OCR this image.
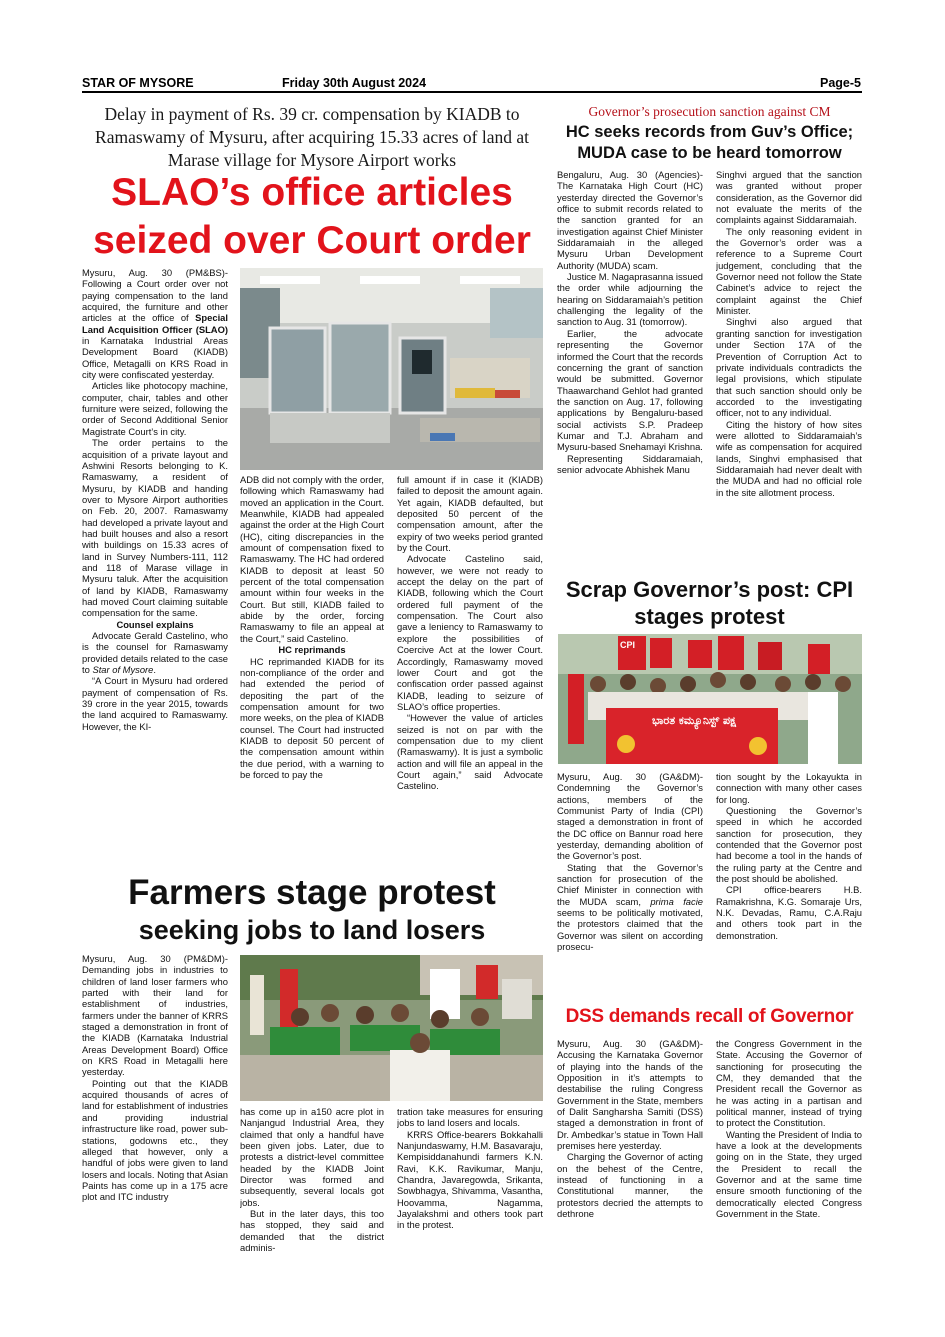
STAR OF MYSORE	Friday 30th August 2024	Page-5
Delay in payment of Rs. 39 cr. compensation by KIADB to Ramaswamy of Mysuru, after acquiring 15.33 acres of land at Marase village for Mysore Airport works
SLAO’s office articles
seized over Court order

Mysuru, Aug. 30 (PM&BS)- Following a Court order over not paying compensation to the land acquired, the furniture and other articles at the office of Special Land Acquisition Officer (SLAO) in Karnataka Industrial Areas Development Board (KIADB) Office, Metagalli on KRS Road in city were confiscated yesterday.

Articles like photocopy machine, computer, chair, tables and other furniture were seized, following the order of Second Additional Senior Magistrate Court’s in city.

The order pertains to the acquisition of a private layout and Ashwini Resorts belonging to K. Ramaswamy, a resident of Mysuru, by KIADB and handing over to Mysore Airport authorities on Feb. 20, 2007. Ramaswamy had developed a private layout and had built houses and also a resort with buildings on 15.33 acres of land in Survey Numbers-111, 112 and 118 of Marase village in Mysuru taluk. After the acquisition of land by KIADB, Ramaswamy had moved Court claiming suitable compensation for the same.

Counsel explains

Advocate Gerald Castelino, who is the counsel for Ramaswamy provided details related to the case to Star of Mysore.

“A Court in Mysuru had ordered payment of compensation of Rs. 39 crore in the year 2015, towards the land acquired to Ramaswamy. However, the KI-

ADB did not comply with the order, following which Ramaswamy had moved an application in the Court. Meanwhile, KIADB had appealed against the order at the High Court (HC), citing discrepancies in the amount of compensation fixed to Ramaswamy. The HC had ordered KIADB to deposit at least 50 percent of the total compensation amount within four weeks in the Court. But still, KIADB failed to abide by the order, forcing Ramaswamy to file an appeal at the Court,” said Castelino.

HC reprimands

HC reprimanded KIADB for its non-compliance of the order and had extended the period of depositing the part of the compensation amount for two more weeks, on the plea of KIADB counsel. The Court had instructed KIADB to deposit 50 percent of the compensation amount within the due period, with a warning to be forced to pay the

full amount if in case it (KIADB) failed to deposit the amount again. Yet again, KIADB defaulted, but deposited 50 percent of the compensation amount, after the expiry of two weeks period granted by the Court.

Advocate Castelino said, however, we were not ready to accept the delay on the part of KIADB, following which the Court ordered full payment of the compensation. The Court also gave a leniency to Ramaswamy to explore the possibilities of Coercive Act at the lower Court. Accordingly, Ramaswamy moved lower Court and got the confiscation order passed against KIADB, leading to seizure of SLAO’s office properties.

“However the value of articles seized is not on par with the compensation due to my client (Ramaswamy). It is just a symbolic action and will file an appeal in the Court again,” said Advocate Castelino.

Governor’s prosecution sanction against CM
HC seeks records from Guv’s Office; MUDA case to be heard tomorrow

Bengaluru, Aug. 30 (Agencies)- The Karnataka High Court (HC) yesterday directed the Governor’s office to submit records related to the sanction granted for an investigation against Chief Minister Siddaramaiah in the alleged Mysuru Urban Development Authority (MUDA) scam.

Justice M. Nagaprasanna issued the order while adjourning the hearing on Siddaramaiah’s petition challenging the legality of the sanction to Aug. 31 (tomorrow).

Earlier, the advocate representing the Governor informed the Court that the records concerning the grant of sanction would be submitted. Governor Thaawarchand Gehlot had granted the sanction on Aug. 17, following applications by Bengaluru-based social activists S.P. Pradeep Kumar and T.J. Abraham and Mysuru-based Snehamayi Krishna.

Representing Siddaramaiah, senior advocate Abhishek Manu

Singhvi argued that the sanction was granted without proper consideration, as the Governor did not evaluate the merits of the complaints against Siddaramaiah.

The only reasoning evident in the Governor’s order was a reference to a Supreme Court judgement, concluding that the Governor need not follow the State Cabinet’s advice to reject the complaint against the Chief Minister.

Singhvi also argued that granting sanction for investigation under Section 17A of the Prevention of Corruption Act to private individuals contradicts the legal provisions, which stipulate that such sanction should only be accorded to the investigating officer, not to any individual.

Citing the history of how sites were allotted to Siddaramaiah’s wife as compensation for acquired lands, Singhvi emphasised that Siddaramaiah had never dealt with the MUDA and had no official role in the site allotment process.

Scrap Governor’s post: CPI stages protest
ಭಾರತ ಕಮ್ಯೂನಿಸ್ಟ್ ಪಕ್ಷ
CPI

Mysuru, Aug. 30 (GA&DM)- Condemning the Governor’s actions, members of the Communist Party of India (CPI) staged a demonstration in front of the DC office on Bannur road here yesterday, demanding abolition of the Governor’s post.

Stating that the Governor’s sanction for prosecution of the Chief Minister in connection with the MUDA scam, prima facie seems to be politically motivated, the protestors claimed that the Governor was silent on according prosecu-

tion sought by the Lokayukta in connection with many other cases for long.

Questioning the Governor’s speed in which he accorded sanction for prosecution, they contended that the Governor post had become a tool in the hands of the ruling party at the Centre and the post should be abolished.

CPI office-bearers H.B. Ramakrishna, K.G. Somaraje Urs, N.K. Devadas, Ramu, C.A.Raju and others took part in the demonstration.

DSS demands recall of Governor

Mysuru, Aug. 30 (GA&DM)- Accusing the Karnataka Governor of playing into the hands of the Opposition in it’s attempts to destabilise the ruling Congress Government in the State, members of Dalit Sangharsha Samiti (DSS) staged a demonstration in front of Dr. Ambedkar’s statue in Town Hall premises here yesterday.

Charging the Governor of acting on the behest of the Centre, instead of functioning in a Constitutional manner, the protestors decried the attempts to dethrone

the Congress Government in the State. Accusing the Governor of sanctioning for prosecuting the CM, they demanded that the President recall the Governor as he was acting in a partisan and political manner, instead of trying to protect the Constitution.

Wanting the President of India to have a look at the developments going on in the State, they urged the President to recall the Governor and at the same time ensure smooth functioning of the democratically elected Congress Government in the State.

Farmers stage protest
seeking jobs to land losers

Mysuru, Aug. 30 (PM&DM)- Demanding jobs in industries to children of land loser farmers who parted with their land for establishment of industries, farmers under the banner of KRRS staged a demonstration in front of the KIADB (Karnataka Industrial Areas Development Board) Office on KRS Road in Metagalli here yesterday.

Pointing out that the KIADB acquired thousands of acres of land for establishment of industries and providing industrial infrastructure like road, power sub-stations, godowns etc., they alleged that however, only a handful of jobs were given to land losers and locals. Noting that Asian Paints has come up in a 175 acre plot and ITC industry

has come up in a150 acre plot in Nanjangud Industrial Area, they claimed that only a handful have been given jobs. Later, due to protests a district-level committee headed by the KIADB Joint Director was formed and subsequently, several locals got jobs.

But in the later days, this too has stopped, they said and demanded that the district adminis-

tration take measures for ensuring jobs to land losers and locals.

KRRS Office-bearers Bokkahalli Nanjundaswamy, H.M. Basavaraju, Kempisiddanahundi farmers K.N. Ravi, K.K. Ravikumar, Manju, Chandra, Javaregowda, Srikanta, Sowbhagya, Shivamma, Vasantha, Hoovamma, Nagamma, Jayalakshmi and others took part in the protest.
